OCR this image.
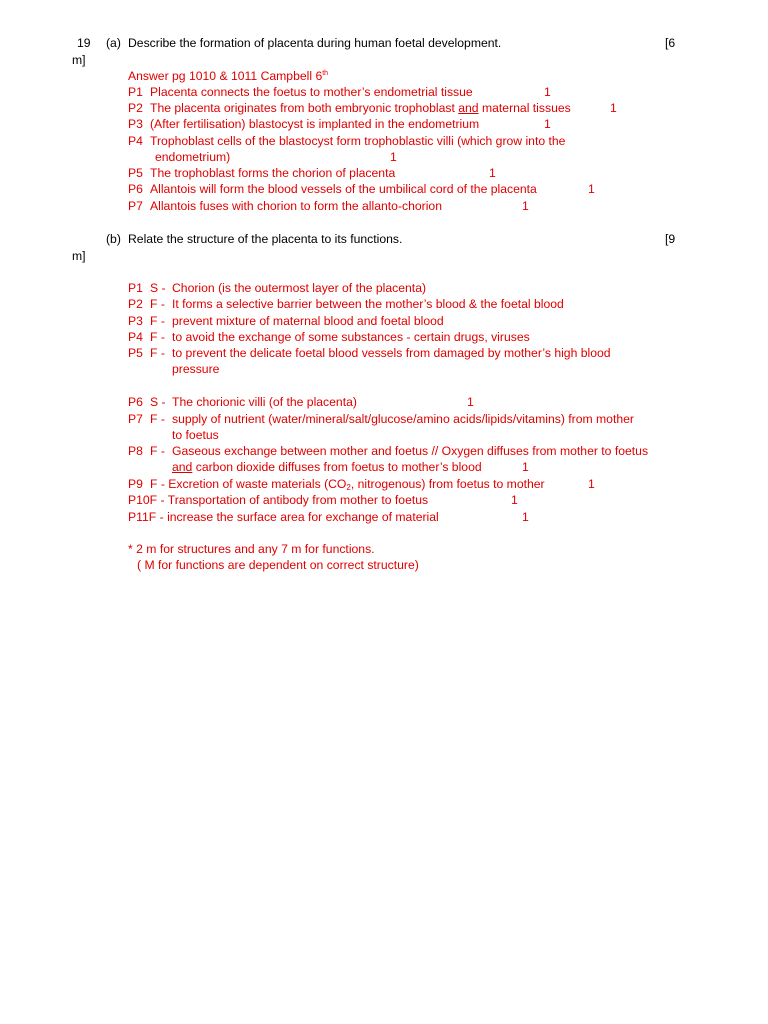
19 (a) Describe the formation of placenta during human foetal development.	[6
m]
Answer pg 1010 & 1011 Campbell 6th
P1 Placenta connects the foetus to mother’s endometrial tissue	1
P2 The placenta originates from both embryonic trophoblast and maternal tissues	1
P3 (After fertilisation) blastocyst is implanted in the endometrium	1
P4 Trophoblast cells of the blastocyst form trophoblastic villi (which grow into the
endometrium)	1
P5 The trophoblast forms the chorion of placenta	1
P6 Allantois will form the blood vessels of the umbilical cord of the placenta	1
P7 Allantois fuses with chorion to form the allanto-chorion	1
(b) Relate the structure of the placenta to its functions.	[9
m]
P1 S - Chorion (is the outermost layer of the placenta)
P2 F - It forms a selective barrier between the mother’s blood & the foetal blood
P3 F - prevent mixture of maternal blood and foetal blood
P4 F - to avoid the exchange of some substances - certain drugs, viruses
P5 F - to prevent the delicate foetal blood vessels from damaged by mother’s high blood
pressure
P6 S - The chorionic villi (of the placenta)	1
P7 F - supply of nutrient (water/mineral/salt/glucose/amino acids/lipids/vitamins) from mother
to foetus
P8 F - Gaseous exchange between mother and foetus // Oxygen diffuses from mother to foetus
and carbon dioxide diffuses from foetus to mother’s blood	1
P9 F - Excretion of waste materials ($CO_2$, nitrogenous) from foetus to mother	1
P10F - Transportation of antibody from mother to foetus	1
P11F - increase the surface area for exchange of material	1
* 2 m for structures and any 7 m for functions.
( M for functions are dependent on correct structure)
